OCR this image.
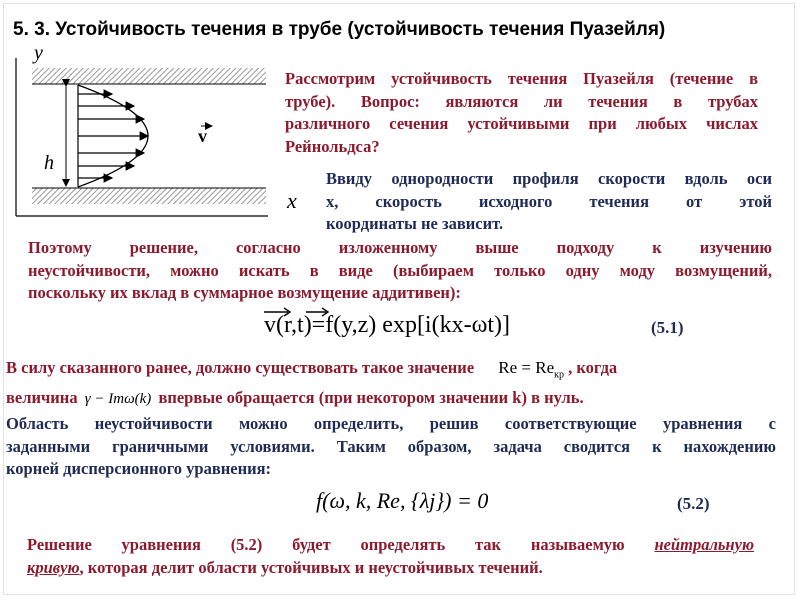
5. 3. Устойчивость течения в трубе (устойчивость течения Пуазейля)
y
h
x
v
Рассмотрим устойчивость течения Пуазейля (течение в
трубе). Вопрос: являются ли течения в трубах
различного сечения устойчивыми при любых числах
Рейнольдса?
Ввиду однородности профиля скорости вдоль оси
x, скорость исходного течения от этой
координаты не зависит.
Поэтому решение, согласно изложенному выше подходу к изучению
неустойчивости, можно искать в виде (выбираем только одну моду возмущений,
поскольку их вклад в суммарное возмущение аддитивен):
v(r,t)=f(y,z) exp[i(kx-ωt)]	(5.1)
В силу сказанного ранее, должно существовать такое значение $Re = Re_{кр}$ , когда
величина γ − Imω(k) впервые обращается (при некотором значении k) в нуль.
Область неустойчивости можно определить, решив соответствующие уравнения с
заданными граничными условиями. Таким образом, задача сводится к нахождению
корней дисперсионного уравнения:
f(ω, k, Re, {λj}) = 0	(5.2)
Решение уравнения (5.2) будет определять так называемую нейтральную
кривую, которая делит области устойчивых и неустойчивых течений.
